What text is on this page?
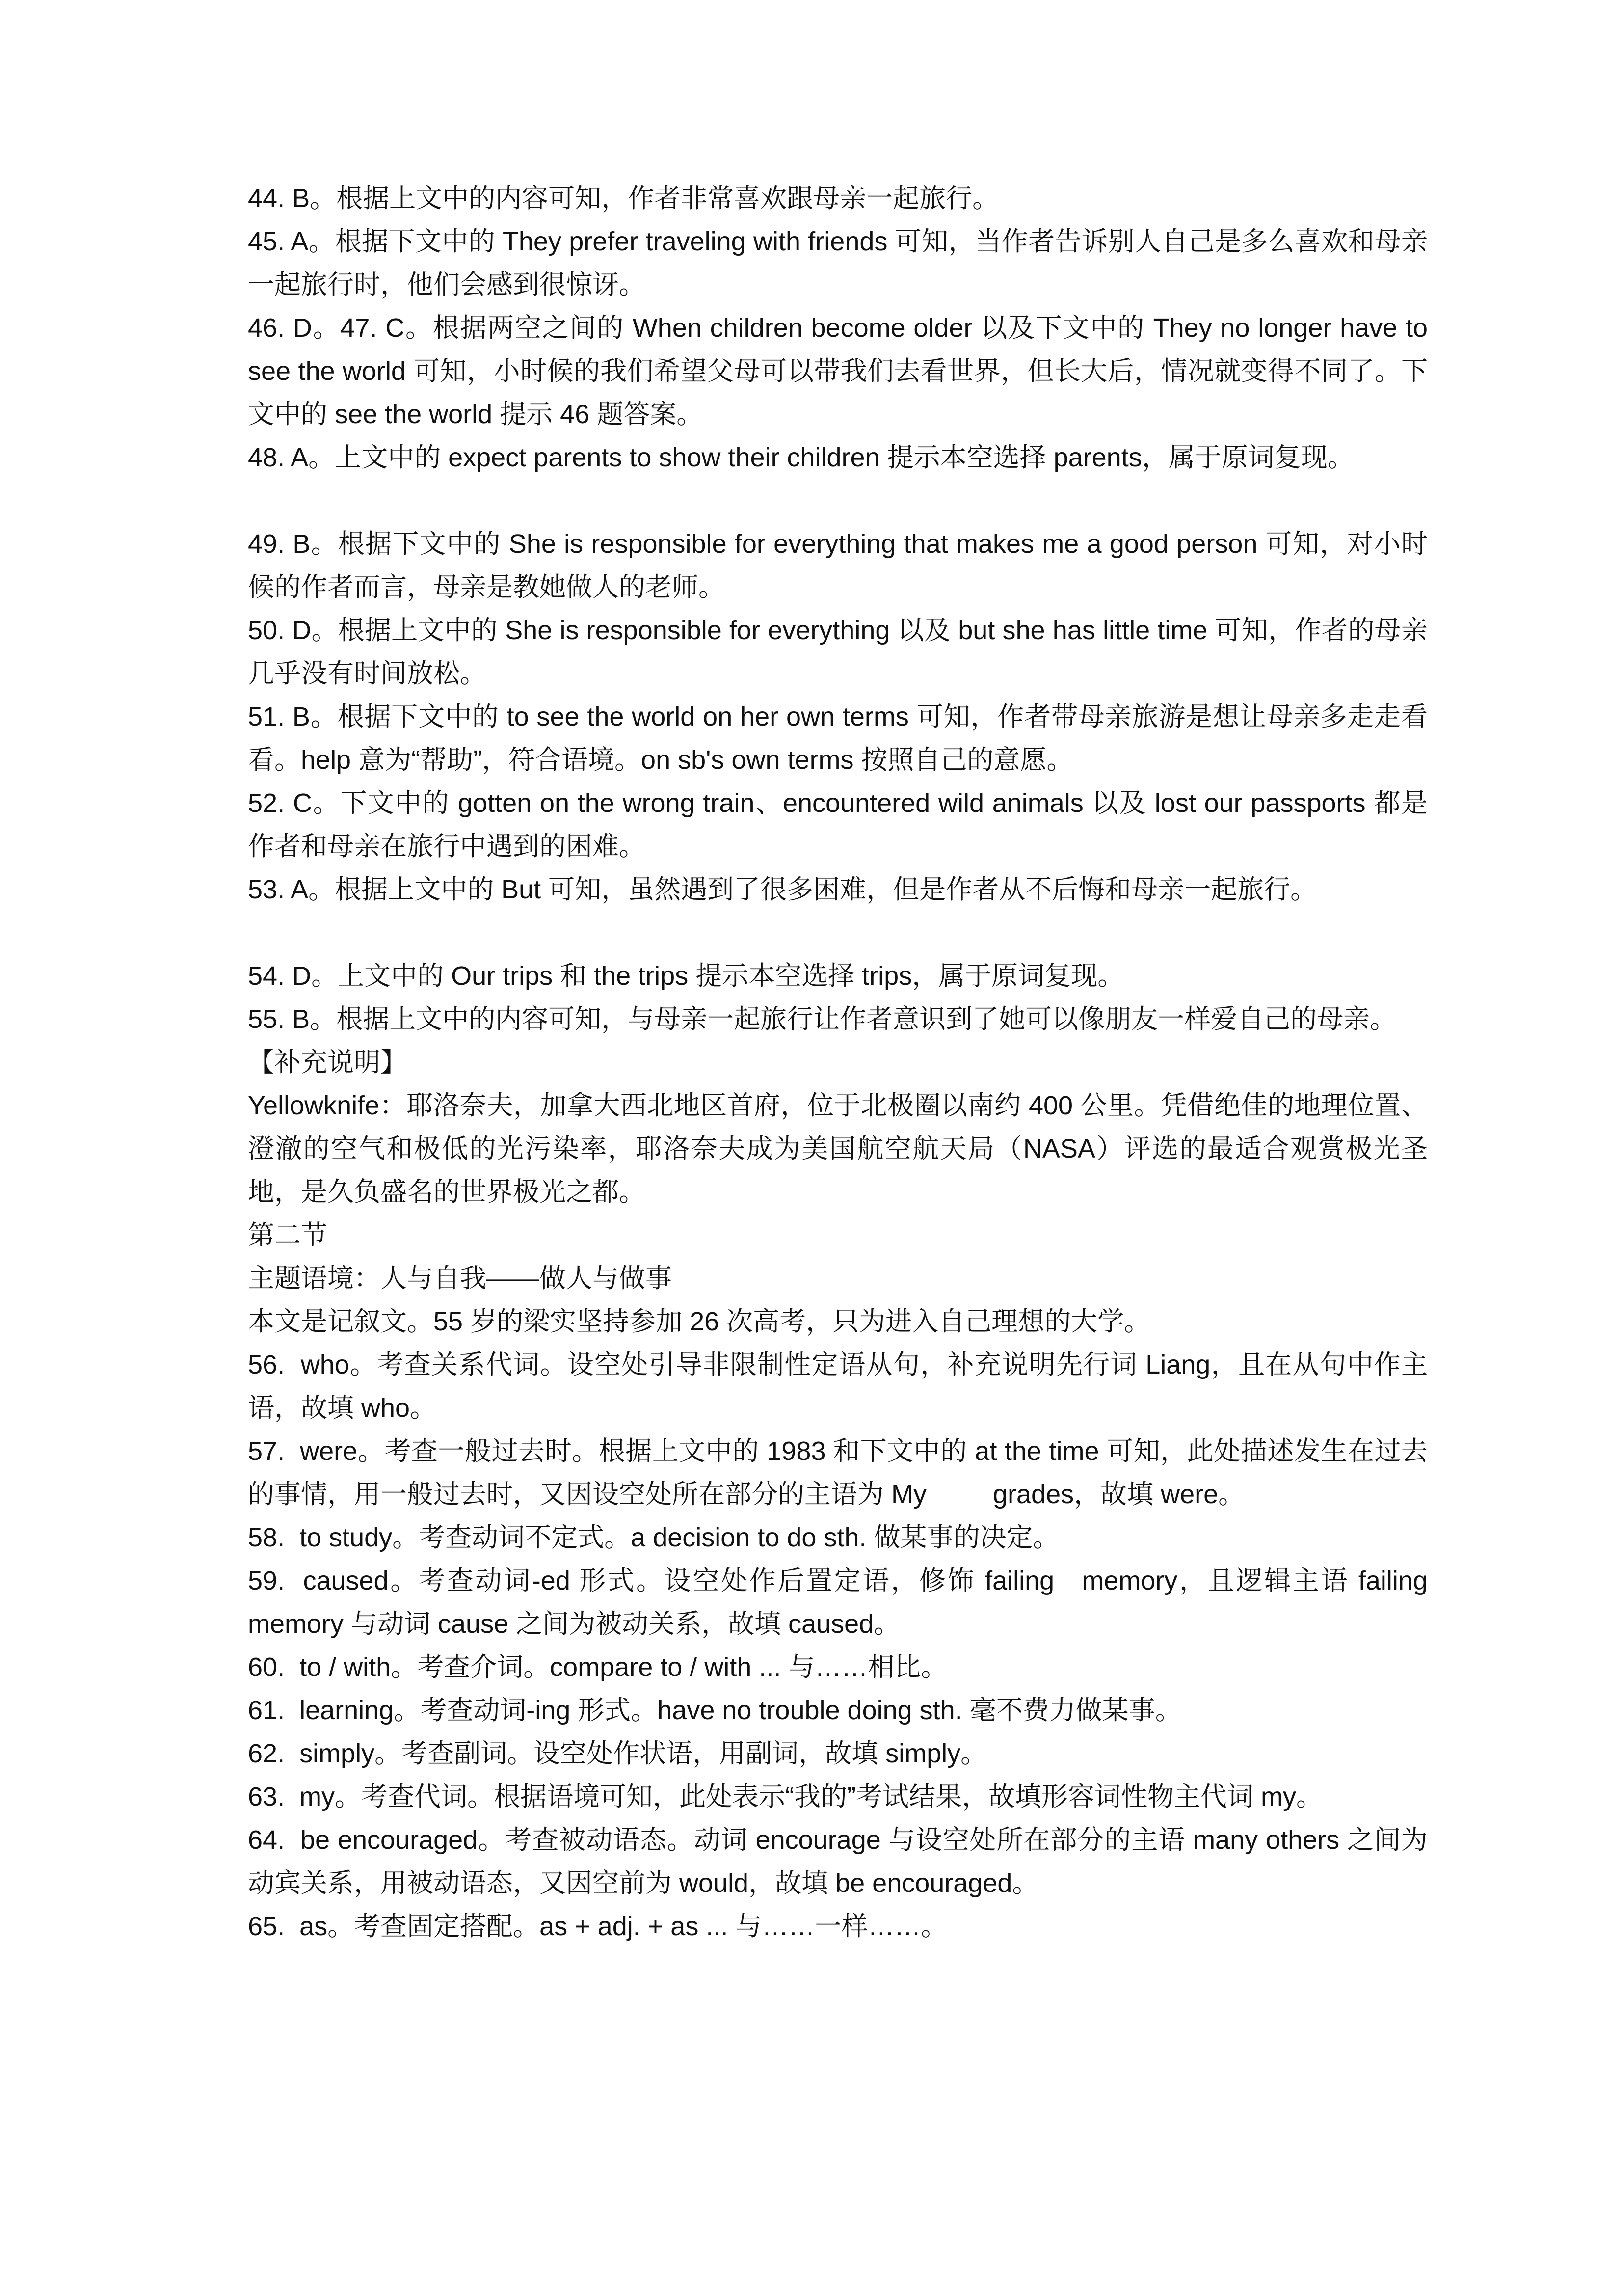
44. B。根据上文中的内容可知，作者非常喜欢跟母亲一起旅行。

45. A。根据下文中的 They prefer traveling with friends 可知，当作者告诉别人自己是多么喜欢和母亲一起旅行时，他们会感到很惊讶。

46. D。47. C。根据两空之间的 When children become older 以及下文中的 They no longer have to see the world 可知，小时候的我们希望父母可以带我们去看世界，但长大后，情况就变得不同了。下文中的 see the world 提示 46 题答案。

48. A。上文中的 expect parents to show their children 提示本空选择 parents，属于原词复现。

49. B。根据下文中的 She is responsible for everything that makes me a good person 可知，对小时候的作者而言，母亲是教她做人的老师。

50. D。根据上文中的 She is responsible for everything 以及 but she has little time 可知，作者的母亲几乎没有时间放松。

51. B。根据下文中的 to see the world on her own terms 可知，作者带母亲旅游是想让母亲多走走看看。help 意为“帮助”，符合语境。on sb's own terms 按照自己的意愿。

52. C。下文中的 gotten on the wrong train、encountered wild animals 以及 lost our passports 都是作者和母亲在旅行中遇到的困难。

53. A。根据上文中的 But 可知，虽然遇到了很多困难，但是作者从不后悔和母亲一起旅行。

54. D。上文中的 Our trips 和 the trips 提示本空选择 trips，属于原词复现。

55. B。根据上文中的内容可知，与母亲一起旅行让作者意识到了她可以像朋友一样爱自己的母亲。

【补充说明】

Yellowknife：耶洛奈夫，加拿大西北地区首府，位于北极圈以南约 400 公里。凭借绝佳的地理位置、澄澈的空气和极低的光污染率，耶洛奈夫成为美国航空航天局（NASA）评选的最适合观赏极光圣地，是久负盛名的世界极光之都。

第二节

主题语境：人与自我——做人与做事

本文是记叙文。55 岁的梁实坚持参加 26 次高考，只为进入自己理想的大学。

56.  who。考查关系代词。设空处引导非限制性定语从句，补充说明先行词 Liang，且在从句中作主语，故填 who。

57.  were。考查一般过去时。根据上文中的 1983 和下文中的 at the time 可知，此处描述发生在过去的事情，用一般过去时，又因设空处所在部分的主语为 My         grades，故填 were。

58.  to study。考查动词不定式。a decision to do sth. 做某事的决定。

59.  caused。考查动词-ed 形式。设空处作后置定语，修饰 failing   memory，且逻辑主语 failing memory 与动词 cause 之间为被动关系，故填 caused。

60.  to / with。考查介词。compare to / with ... 与……相比。

61.  learning。考查动词-ing 形式。have no trouble doing sth. 毫不费力做某事。

62.  simply。考查副词。设空处作状语，用副词，故填 simply。

63.  my。考查代词。根据语境可知，此处表示“我的”考试结果，故填形容词性物主代词 my。

64.  be encouraged。考查被动语态。动词 encourage 与设空处所在部分的主语 many others 之间为动宾关系，用被动语态，又因空前为 would，故填 be encouraged。

65.  as。考查固定搭配。as + adj. + as ... 与……一样……。
